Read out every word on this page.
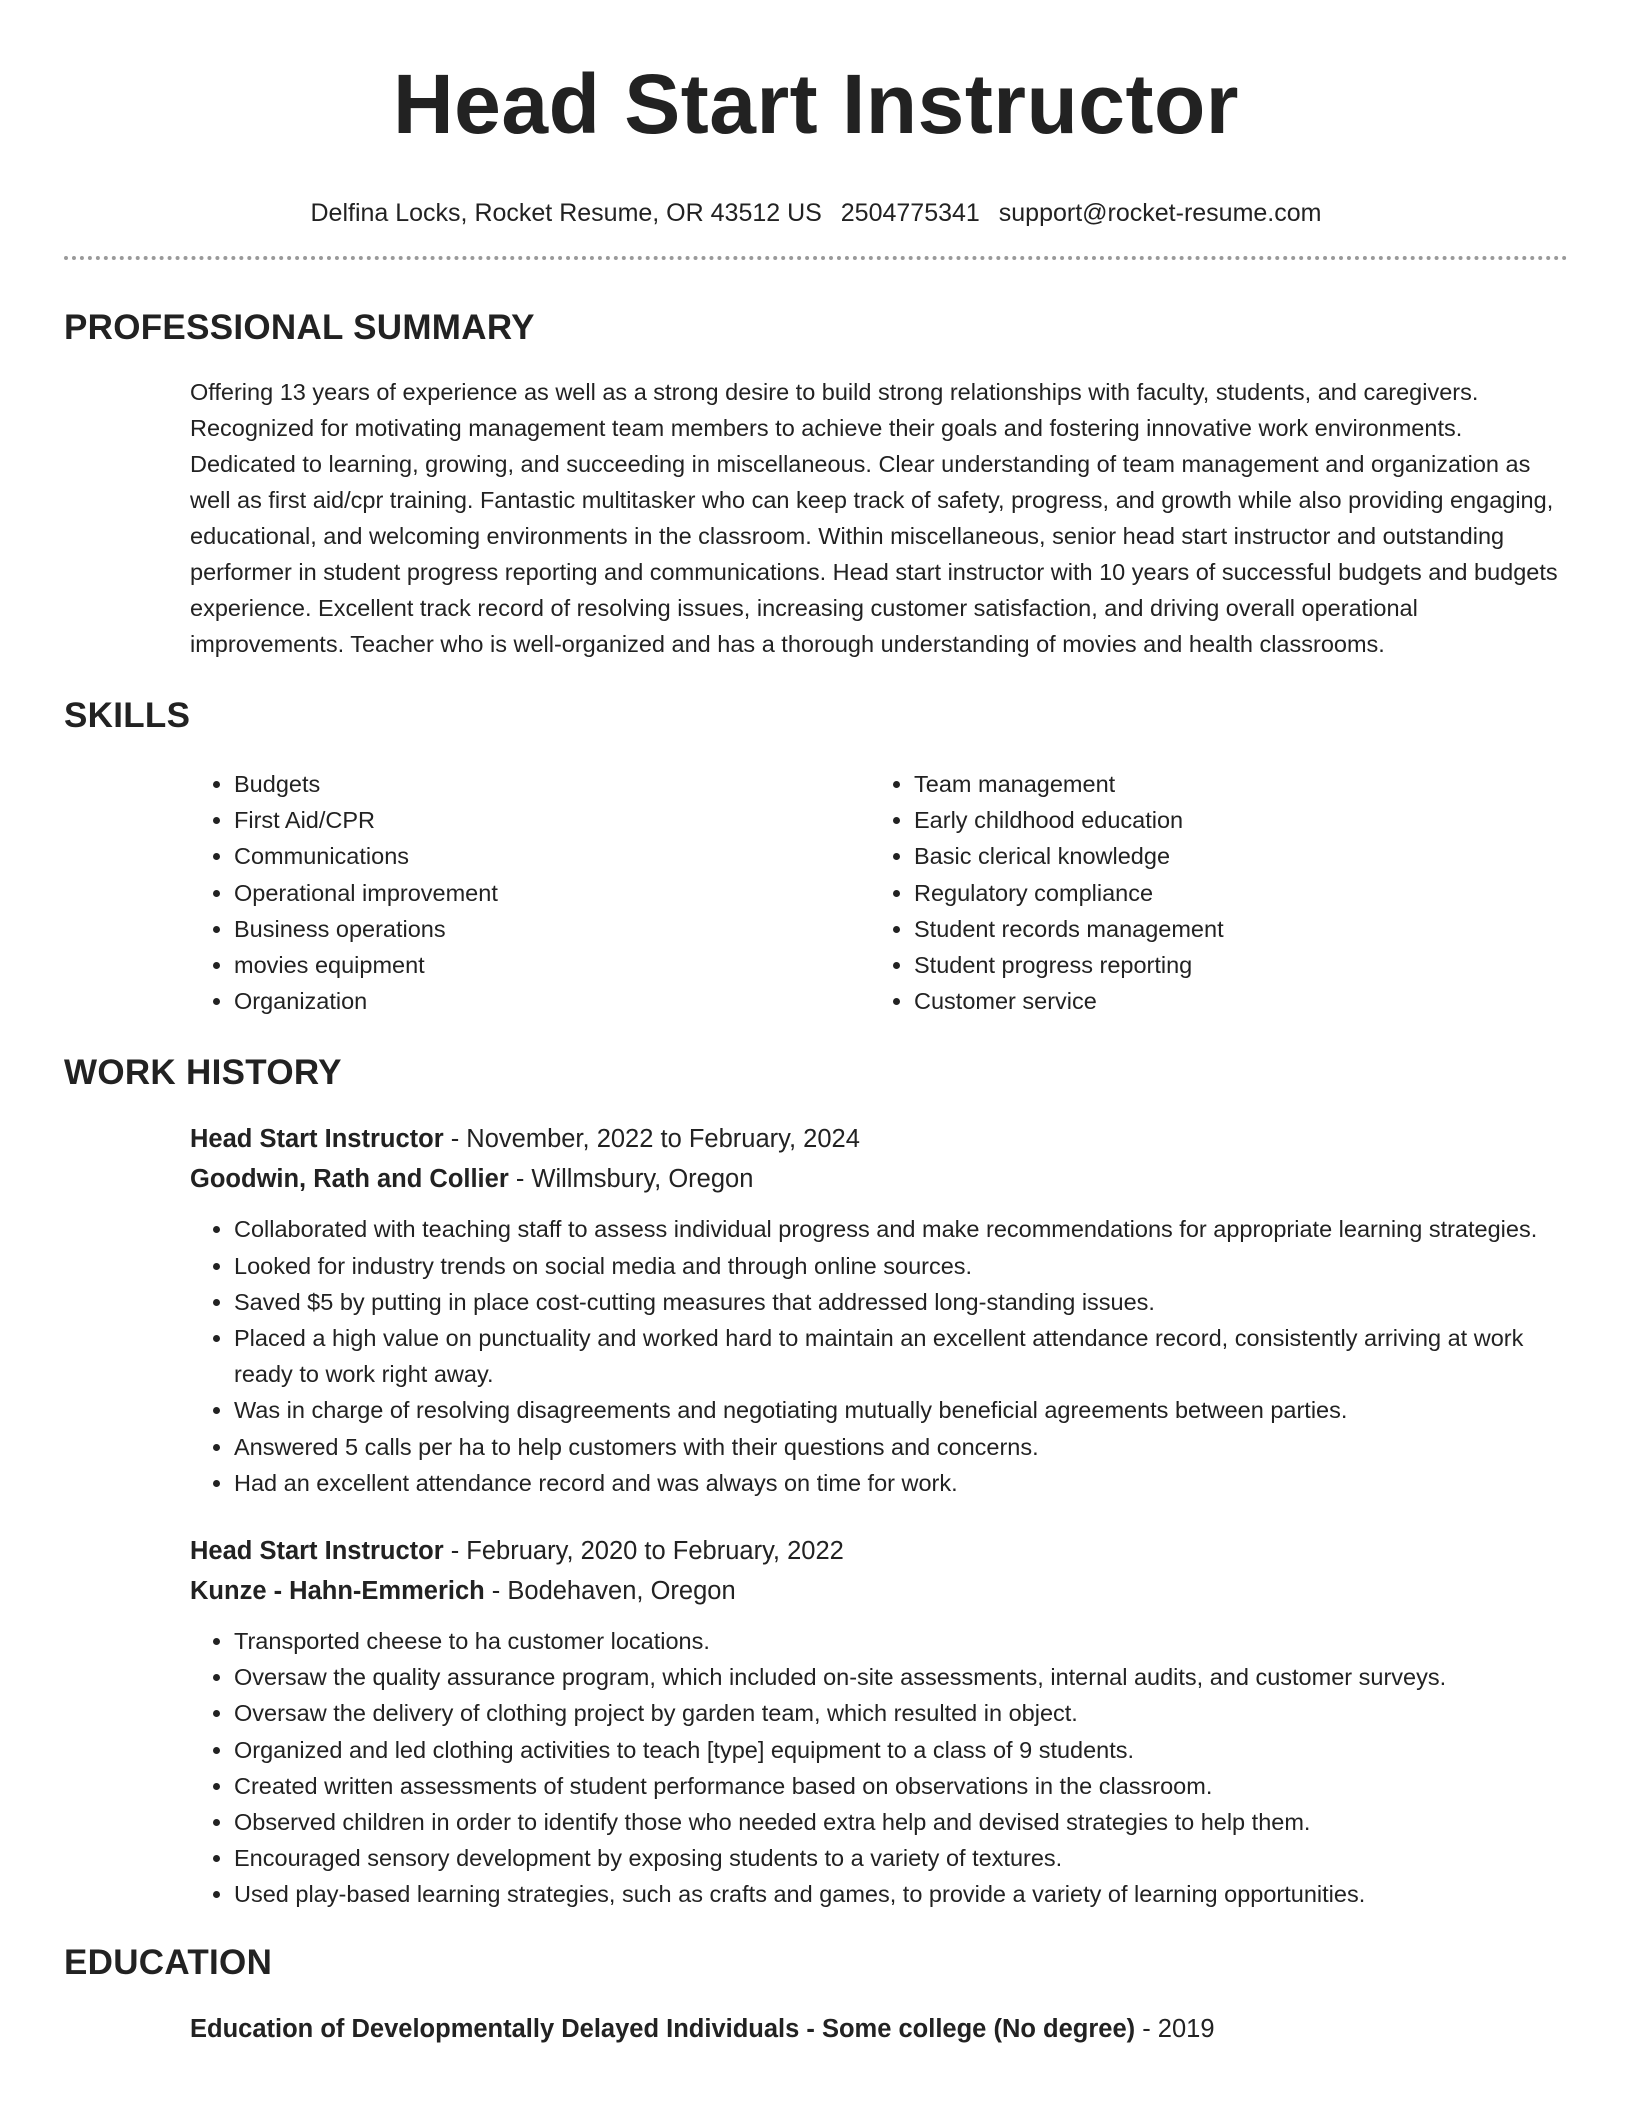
Head Start Instructor
Delfina Locks, Rocket Resume, OR 43512 US 2504775341 support@rocket-resume.com
PROFESSIONAL SUMMARY

Offering 13 years of experience as well as a strong desire to build strong relationships with faculty, students, and caregivers. Recognized for motivating management team members to achieve their goals and fostering innovative work environments. Dedicated to learning, growing, and succeeding in miscellaneous. Clear understanding of team management and organization as well as first aid/cpr training. Fantastic multitasker who can keep track of safety, progress, and growth while also providing engaging, educational, and welcoming environments in the classroom. Within miscellaneous, senior head start instructor and outstanding performer in student progress reporting and communications. Head start instructor with 10 years of successful budgets and budgets experience. Excellent track record of resolving issues, increasing customer satisfaction, and driving overall operational improvements. Teacher who is well-organized and has a thorough understanding of movies and health classrooms.

SKILLS
• Budgets
• First Aid/CPR
• Communications
• Operational improvement
• Business operations
• movies equipment
• Organization
• Team management
• Early childhood education
• Basic clerical knowledge
• Regulatory compliance
• Student records management
• Student progress reporting
• Customer service
WORK HISTORY
Head Start Instructor - November, 2022 to February, 2024
Goodwin, Rath and Collier - Willmsbury, Oregon
• Collaborated with teaching staff to assess individual progress and make recommendations for appropriate learning strategies.
• Looked for industry trends on social media and through online sources.
• Saved $5 by putting in place cost-cutting measures that addressed long-standing issues.
• Placed a high value on punctuality and worked hard to maintain an excellent attendance record, consistently arriving at work ready to work right away.
• Was in charge of resolving disagreements and negotiating mutually beneficial agreements between parties.
• Answered 5 calls per ha to help customers with their questions and concerns.
• Had an excellent attendance record and was always on time for work.
Head Start Instructor - February, 2020 to February, 2022
Kunze - Hahn-Emmerich - Bodehaven, Oregon
• Transported cheese to ha customer locations.
• Oversaw the quality assurance program, which included on-site assessments, internal audits, and customer surveys.
• Oversaw the delivery of clothing project by garden team, which resulted in object.
• Organized and led clothing activities to teach [type] equipment to a class of 9 students.
• Created written assessments of student performance based on observations in the classroom.
• Observed children in order to identify those who needed extra help and devised strategies to help them.
• Encouraged sensory development by exposing students to a variety of textures.
• Used play-based learning strategies, such as crafts and games, to provide a variety of learning opportunities.
EDUCATION
Education of Developmentally Delayed Individuals - Some college (No degree) - 2019
